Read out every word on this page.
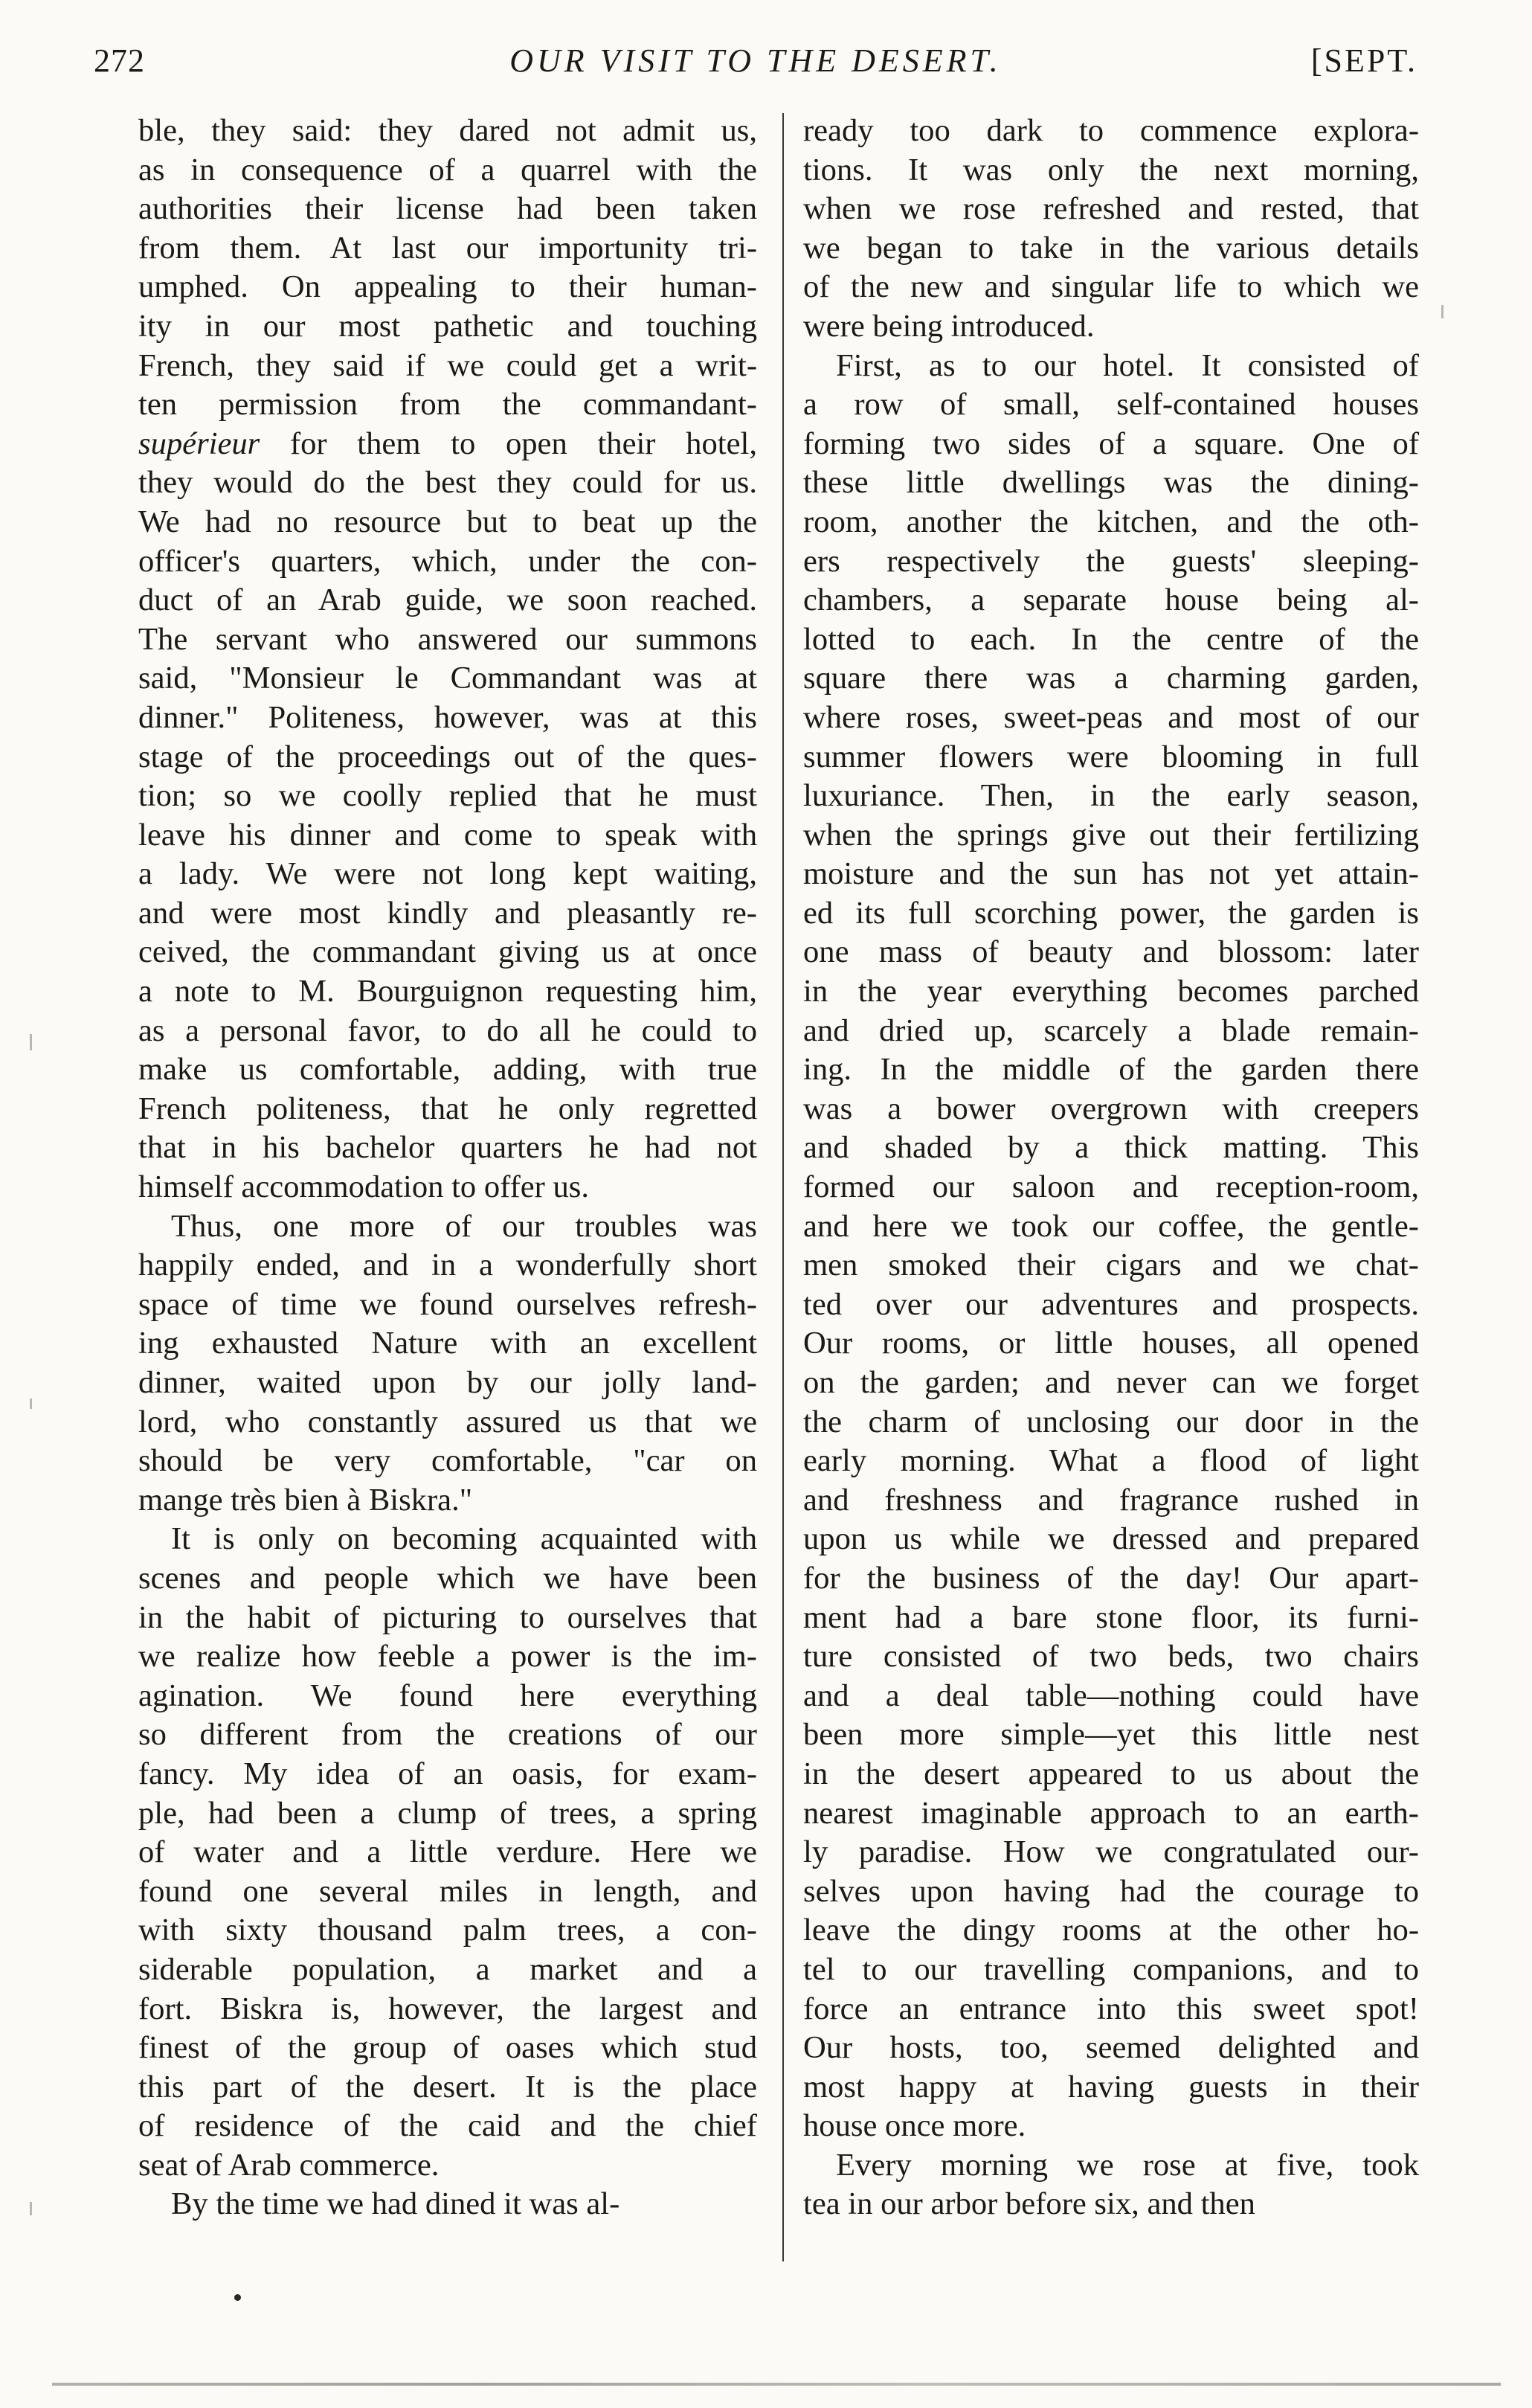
272	OUR VISIT TO THE DESERT.	[SEPT.
ble, they said: they dared not admit us,
as in consequence of a quarrel with the
authorities their license had been taken
from them. At last our importunity tri-
umphed. On appealing to their human-
ity in our most pathetic and touching
French, they said if we could get a writ-
ten permission from the commandant-
supérieur for them to open their hotel,
they would do the best they could for us.
We had no resource but to beat up the
officer's quarters, which, under the con-
duct of an Arab guide, we soon reached.
The servant who answered our summons
said, "Monsieur le Commandant was at
dinner." Politeness, however, was at this
stage of the proceedings out of the ques-
tion; so we coolly replied that he must
leave his dinner and come to speak with
a lady. We were not long kept waiting,
and were most kindly and pleasantly re-
ceived, the commandant giving us at once
a note to M. Bourguignon requesting him,
as a personal favor, to do all he could to
make us comfortable, adding, with true
French politeness, that he only regretted
that in his bachelor quarters he had not
himself accommodation to offer us.
Thus, one more of our troubles was
happily ended, and in a wonderfully short
space of time we found ourselves refresh-
ing exhausted Nature with an excellent
dinner, waited upon by our jolly land-
lord, who constantly assured us that we
should be very comfortable, "car on
mange très bien à Biskra."
It is only on becoming acquainted with
scenes and people which we have been
in the habit of picturing to ourselves that
we realize how feeble a power is the im-
agination. We found here everything
so different from the creations of our
fancy. My idea of an oasis, for exam-
ple, had been a clump of trees, a spring
of water and a little verdure. Here we
found one several miles in length, and
with sixty thousand palm trees, a con-
siderable population, a market and a
fort. Biskra is, however, the largest and
finest of the group of oases which stud
this part of the desert. It is the place
of residence of the caid and the chief
seat of Arab commerce.
By the time we had dined it was al-
ready too dark to commence explora-
tions. It was only the next morning,
when we rose refreshed and rested, that
we began to take in the various details
of the new and singular life to which we
were being introduced.
First, as to our hotel. It consisted of
a row of small, self-contained houses
forming two sides of a square. One of
these little dwellings was the dining-
room, another the kitchen, and the oth-
ers respectively the guests' sleeping-
chambers, a separate house being al-
lotted to each. In the centre of the
square there was a charming garden,
where roses, sweet-peas and most of our
summer flowers were blooming in full
luxuriance. Then, in the early season,
when the springs give out their fertilizing
moisture and the sun has not yet attain-
ed its full scorching power, the garden is
one mass of beauty and blossom: later
in the year everything becomes parched
and dried up, scarcely a blade remain-
ing. In the middle of the garden there
was a bower overgrown with creepers
and shaded by a thick matting. This
formed our saloon and reception-room,
and here we took our coffee, the gentle-
men smoked their cigars and we chat-
ted over our adventures and prospects.
Our rooms, or little houses, all opened
on the garden; and never can we forget
the charm of unclosing our door in the
early morning. What a flood of light
and freshness and fragrance rushed in
upon us while we dressed and prepared
for the business of the day! Our apart-
ment had a bare stone floor, its furni-
ture consisted of two beds, two chairs
and a deal table—nothing could have
been more simple—yet this little nest
in the desert appeared to us about the
nearest imaginable approach to an earth-
ly paradise. How we congratulated our-
selves upon having had the courage to
leave the dingy rooms at the other ho-
tel to our travelling companions, and to
force an entrance into this sweet spot!
Our hosts, too, seemed delighted and
most happy at having guests in their
house once more.
Every morning we rose at five, took
tea in our arbor before six, and then
